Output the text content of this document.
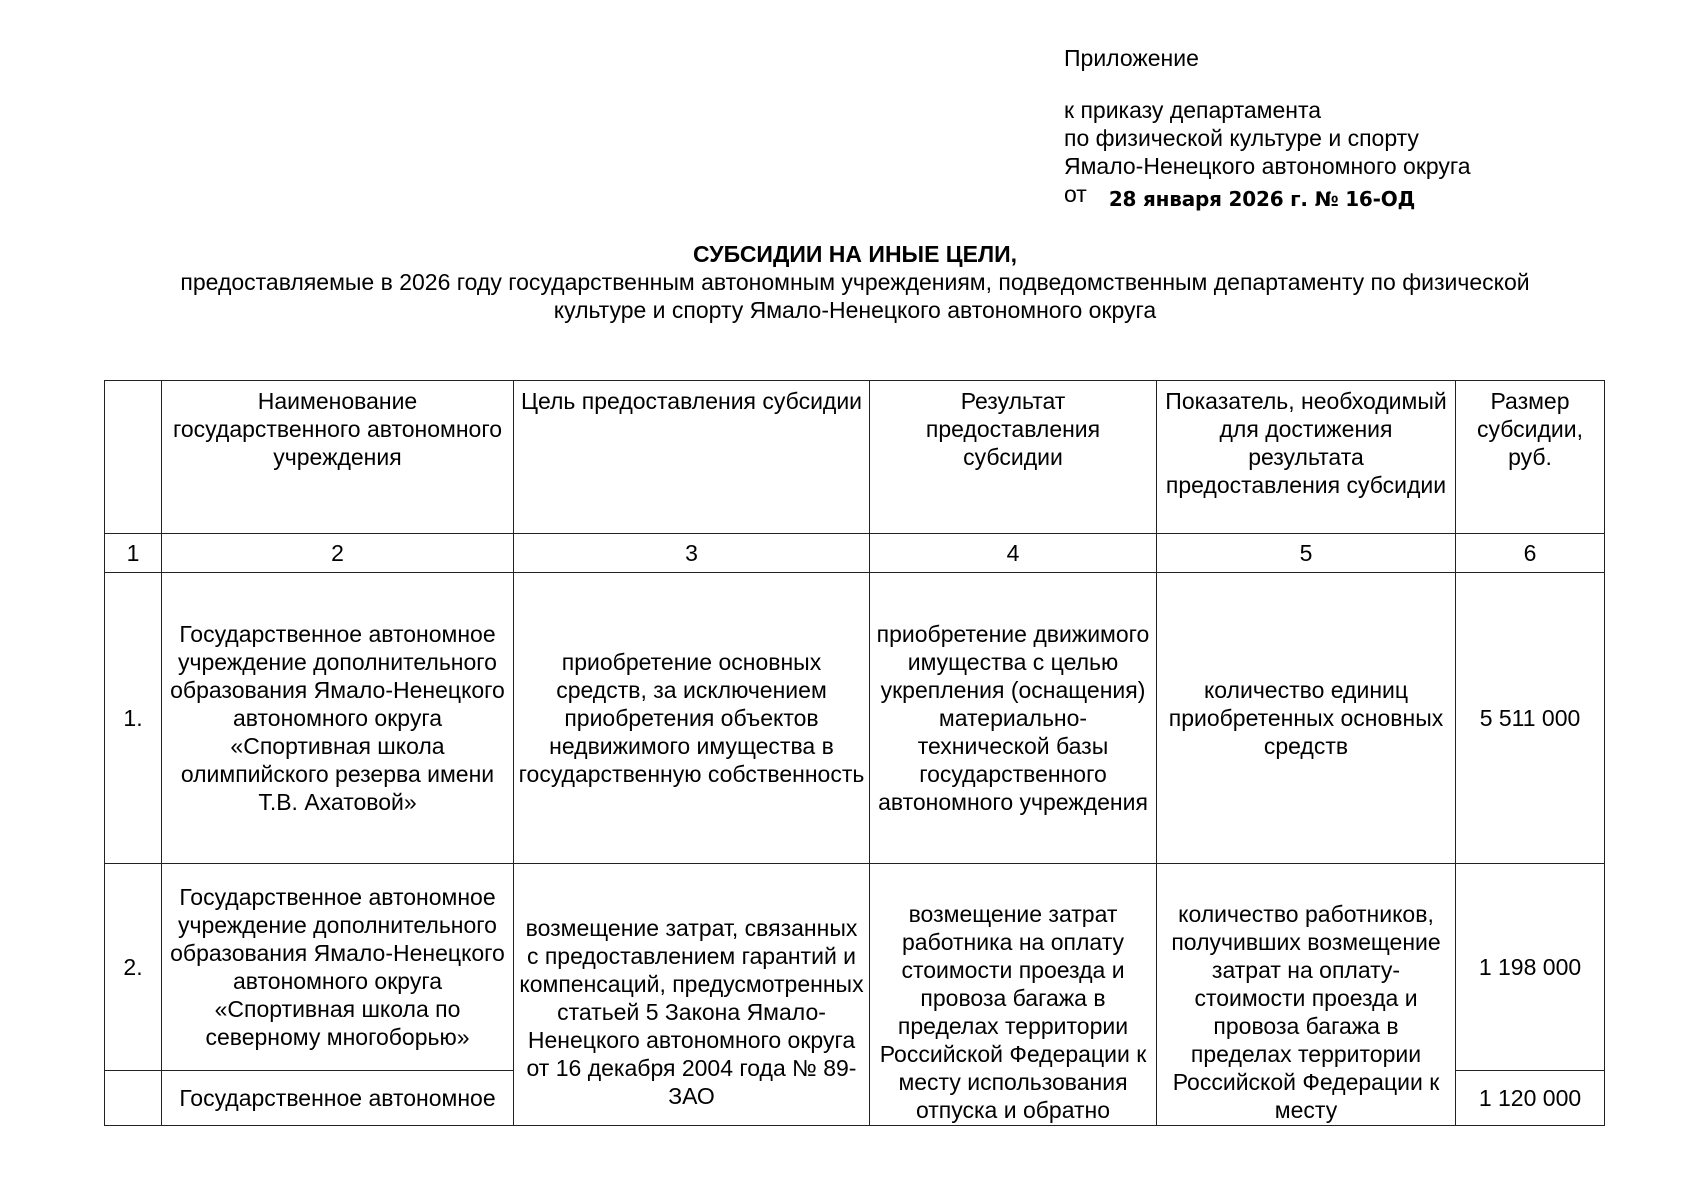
Приложение
к приказу департамента
по физической культуре и спорту
Ямало-Ненецкого автономного округа
от 28 января 2026 г. № 16-ОД
СУБСИДИИ НА ИНЫЕ ЦЕЛИ,
предоставляемые в 2026 году государственным автономным учреждениям, подведомственным департаменту по физической
культуре и спорту Ямало-Ненецкого автономного округа
	Наименование государственного автономного учреждения	Цель предоставления субсидии	Результат предоставления субсидии	Показатель, необходимый для достижения результата предоставления субсидии	Размер субсидии, руб.
1	2	3	4	5	6
1.	Государственное автономное учреждение дополнительного образования Ямало-Ненецкого автономного округа «Спортивная школа олимпийского резерва имени Т.В. Ахатовой»	приобретение основных средств, за исключением приобретения объектов недвижимого имущества в государственную собственность	приобретение движимого имущества с целью укрепления (оснащения) материально-технической базы государственного автономного учреждения	количество единиц приобретенных основных средств	5 511 000
2.	Государственное автономное учреждение дополнительного образования Ямало-Ненецкого автономного округа «Спортивная школа по северному многоборью»	возмещение затрат, связанных с предоставлением гарантий и компенсаций, предусмотренных статьей 5 Закона Ямало-Ненецкого автономного округа от 16 декабря 2004 года № 89-ЗАО	возмещение затрат работника на оплату стоимости проезда и провоза багажа в пределах территории Российской Федерации к месту использования отпуска и обратно	количество работников, получивших возмещение затрат на оплату-стоимости проезда и провоза багажа в пределах территории Российской Федерации к месту	1 198 000
	Государственное автономное				1 120 000
